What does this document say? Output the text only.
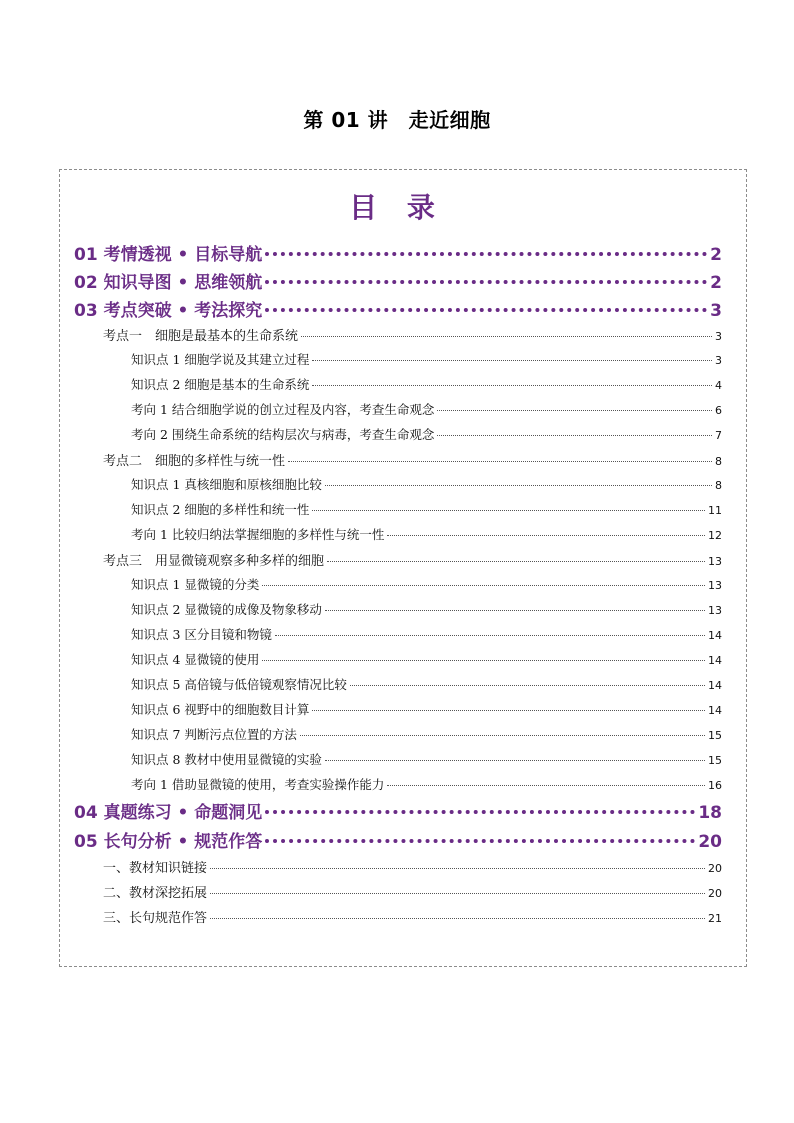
第 01 讲　走近细胞
目 录
01 考情透视 • 目标导航	2
02 知识导图 • 思维领航	2
03 考点突破 • 考法探究	3
考点一　细胞是最基本的生命系统	3
知识点 1 细胞学说及其建立过程	3
知识点 2 细胞是基本的生命系统	4
考向 1 结合细胞学说的创立过程及内容，考查生命观念	6
考向 2 围绕生命系统的结构层次与病毒，考查生命观念	7
考点二　细胞的多样性与统一性	8
知识点 1 真核细胞和原核细胞比较	8
知识点 2 细胞的多样性和统一性	11
考向 1 比较归纳法掌握细胞的多样性与统一性	12
考点三　用显微镜观察多种多样的细胞	13
知识点 1 显微镜的分类	13
知识点 2 显微镜的成像及物象移动	13
知识点 3 区分目镜和物镜	14
知识点 4 显微镜的使用	14
知识点 5 高倍镜与低倍镜观察情况比较	14
知识点 6 视野中的细胞数目计算	14
知识点 7 判断污点位置的方法	15
知识点 8 教材中使用显微镜的实验	15
考向 1 借助显微镜的使用，考查实验操作能力	16
04 真题练习 • 命题洞见	18
05 长句分析 • 规范作答	20
一、教材知识链接	20
二、教材深挖拓展	20
三、长句规范作答	21
